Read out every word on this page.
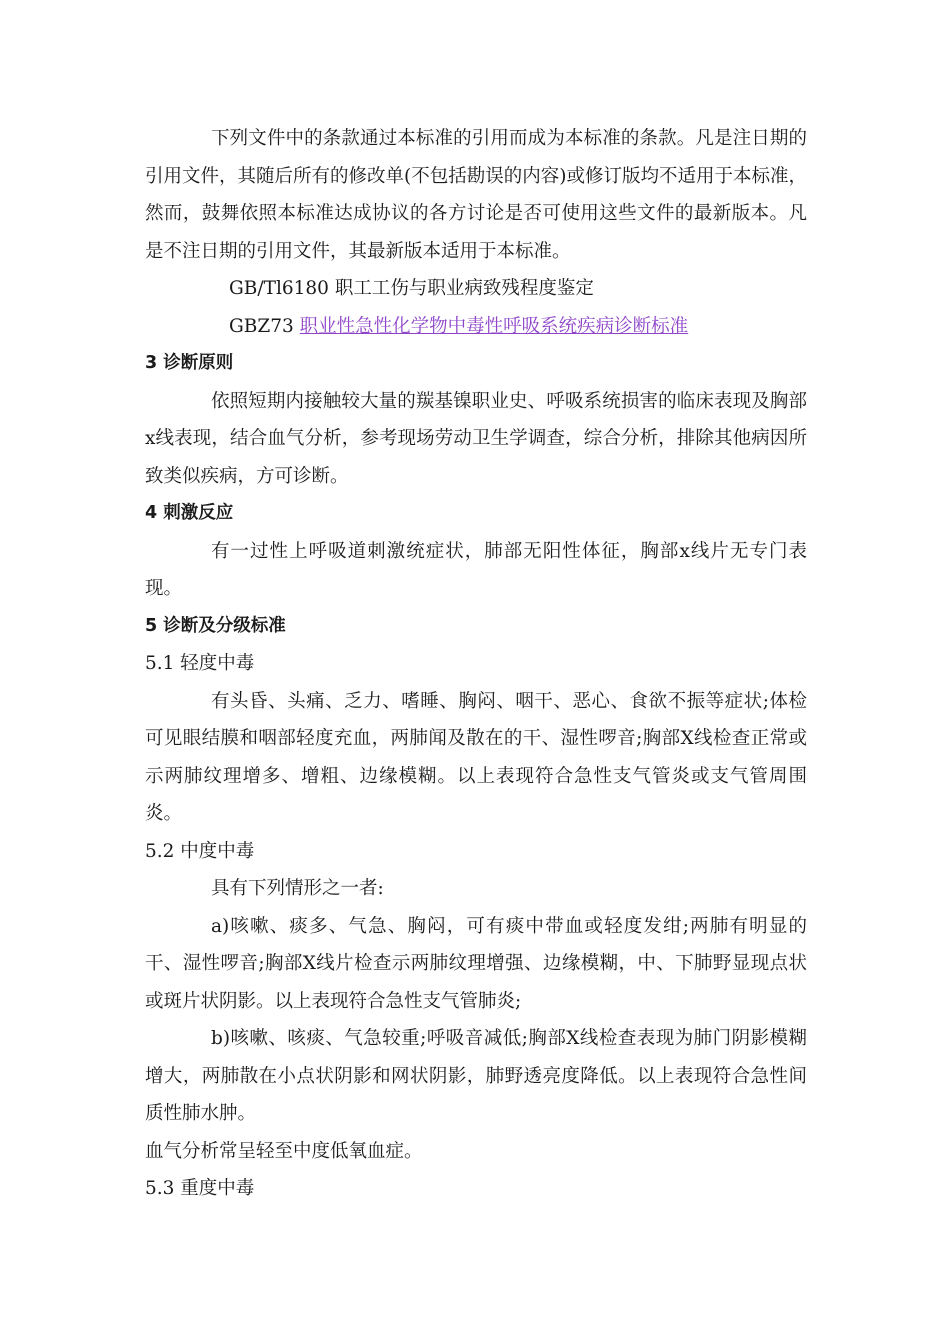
下列文件中的条款通过本标准的引用而成为本标准的条款。凡是注日期的引用文件，其随后所有的修改单(不包括勘误的内容)或修订版均不适用于本标准，然而，鼓舞依照本标准达成协议的各方讨论是否可使用这些文件的最新版本。凡是不注日期的引用文件，其最新版本适用于本标准。

GB/Tl6180 职工工伤与职业病致残程度鉴定

GBZ73 职业性急性化学物中毒性呼吸系统疾病诊断标准

3 诊断原则

依照短期内接触较大量的羰基镍职业史、呼吸系统损害的临床表现及胸部x线表现，结合血气分析，参考现场劳动卫生学调查，综合分析，排除其他病因所致类似疾病，方可诊断。

4 刺激反应

有一过性上呼吸道刺激统症状，肺部无阳性体征，胸部x线片无专门表现。

5 诊断及分级标准

5.1 轻度中毒

有头昏、头痛、乏力、嗜睡、胸闷、咽干、恶心、食欲不振等症状;体检可见眼结膜和咽部轻度充血，两肺闻及散在的干、湿性啰音;胸部X线检查正常或示两肺纹理增多、增粗、边缘模糊。以上表现符合急性支气管炎或支气管周围炎。

5.2 中度中毒

具有下列情形之一者:

a)咳嗽、痰多、气急、胸闷，可有痰中带血或轻度发绀;两肺有明显的干、湿性啰音;胸部X线片检查示两肺纹理增强、边缘模糊，中、下肺野显现点状或斑片状阴影。以上表现符合急性支气管肺炎;

b)咳嗽、咳痰、气急较重;呼吸音减低;胸部X线检查表现为肺门阴影模糊增大，两肺散在小点状阴影和网状阴影，肺野透亮度降低。以上表现符合急性间质性肺水肿。

血气分析常呈轻至中度低氧血症。

5.3 重度中毒
